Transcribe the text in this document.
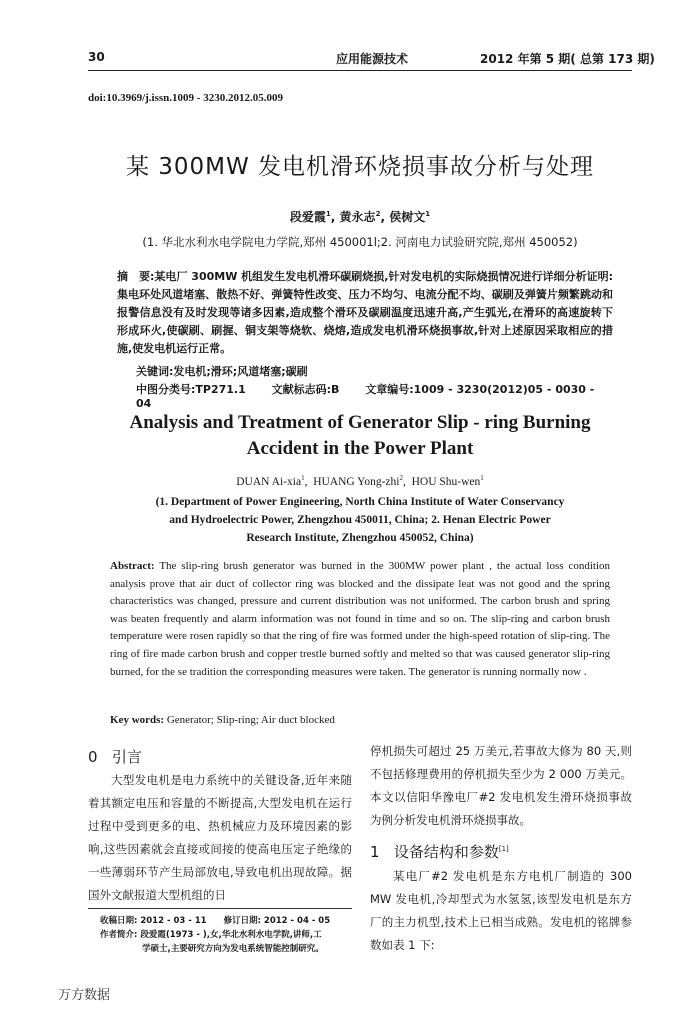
30	应用能源技术	2012 年第 5 期( 总第 173 期)
doi:10.3969/j.issn.1009 - 3230.2012.05.009
某 300MW 发电机滑环烧损事故分析与处理
段爱霞$^1$, 黄永志$^2$, 侯树文$^1$
(1. 华北水利水电学院电力学院,郑州 450001l;2. 河南电力试验研究院,郑州 450052)
摘　要:某电厂 300MW 机组发生发电机滑环碳刷烧损,针对发电机的实际烧损情况进行详细分析证明:集电环处风道堵塞、散热不好、弹簧特性改变、压力不均匀、电流分配不均、碳刷及弹簧片频繁跳动和报警信息没有及时发现等诸多因素,造成整个滑环及碳刷温度迅速升高,产生弧光,在滑环的高速旋转下形成环火,使碳刷、刷握、铜支架等烧软、烧熔,造成发电机滑环烧损事故,针对上述原因采取相应的措施,使发电机运行正常。
关键词:发电机;滑环;风道堵塞;碳刷
中图分类号:TP271.1 文献标志码:B 文章编号:1009 - 3230(2012)05 - 0030 - 04
Analysis and Treatment of Generator Slip - ring Burning
Accident in the Power Plant
DUAN Ai-xia$^1$,  HUANG Yong-zhi$^2$,  HOU Shu-wen$^1$
(1. Department of Power Engineering, North China Institute of Water Conservancy
and Hydroelectric Power, Zhengzhou 450011, China; 2. Henan Electric Power
Research Institute, Zhengzhou 450052, China)
Abstract: The slip-ring brush generator was burned in the 300MW power plant , the actual loss condition analysis prove that air duct of collector ring was blocked and the dissipate leat was not good and the spring characteristics was changed, pressure and current distribution was not uniformed. The carbon brush and spring was beaten frequently and alarm information was not found in time and so on. The slip-ring and carbon brush temperature were rosen rapidly so that the ring of fire was formed under the high-speed rotation of slip-ring. The ring of fire made carbon brush and copper trestle burned softly and melted so that was caused generator slip-ring burned, for the se tradition the corresponding measures were taken. The generator is running normally now .
Key words: Generator; Slip-ring; Air duct blocked
0 引言
大型发电机是电力系统中的关键设备,近年来随着其额定电压和容量的不断提高,大型发电机在运行过程中受到更多的电、热机械应力及环境因素的影响,这些因素就会直接或间接的使高电压定子绝缘的一些薄弱环节产生局部放电,导致电机出现故障。据国外文献报道大型机组的日
收稿日期: 2012 - 03 - 11　　修订日期: 2012 - 04 - 05
作者简介: 段爱霞(1973 - ),女,华北水利水电学院,讲师,工
学硕士,主要研究方向为发电系统智能控制研究。
停机损失可超过 25 万美元,若事故大修为 80 天,则不包括修理费用的停机损失至少为 2 000 万美元。本文以信阳华豫电厂#2 发电机发生滑环烧损事故为例分析发电机滑环烧损事故。
1 设备结构和参数[1]
某电厂#2 发电机是东方电机厂制造的 300 MW 发电机,冷却型式为水氢氢,该型发电机是东方厂的主力机型,技术上已相当成熟。发电机的铭牌参数如表 1 下:
万方数据
